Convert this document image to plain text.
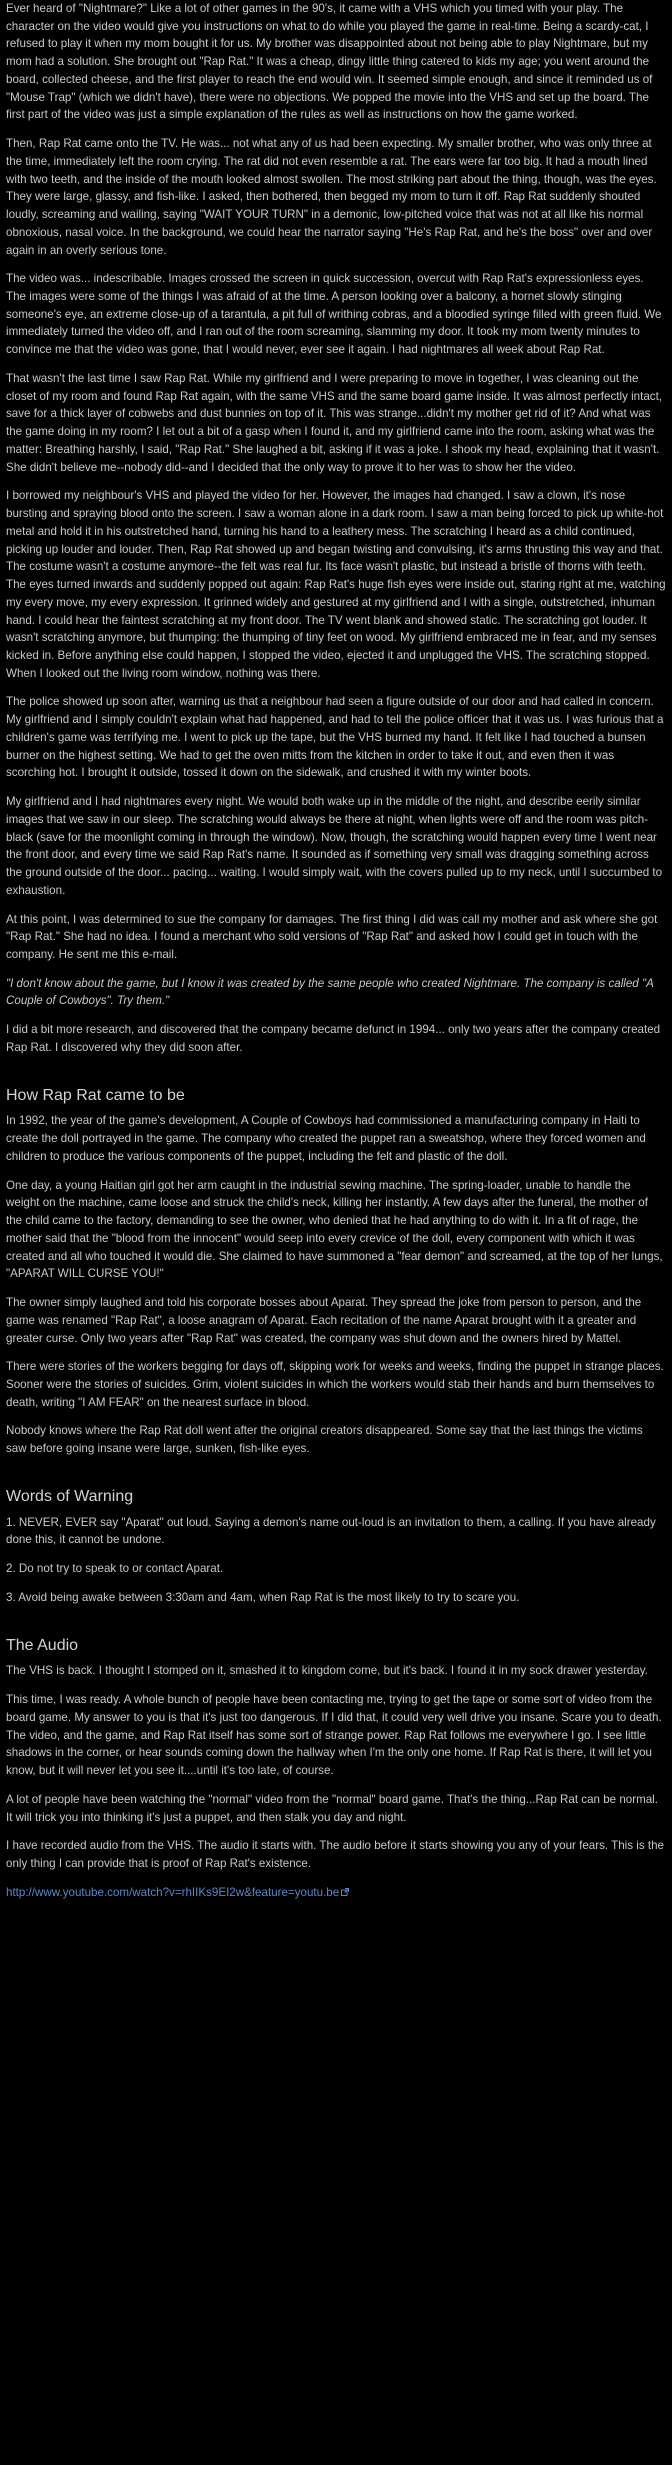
Ever heard of "Nightmare?" Like a lot of other games in the 90's, it came with a VHS which you timed with your play. The character on the video would give you instructions on what to do while you played the game in real-time. Being a scardy-cat, I refused to play it when my mom bought it for us. My brother was disappointed about not being able to play Nightmare, but my mom had a solution. She brought out "Rap Rat." It was a cheap, dingy little thing catered to kids my age; you went around the board, collected cheese, and the first player to reach the end would win. It seemed simple enough, and since it reminded us of "Mouse Trap" (which we didn't have), there were no objections. We popped the movie into the VHS and set up the board. The first part of the video was just a simple explanation of the rules as well as instructions on how the game worked.

Then, Rap Rat came onto the TV. He was... not what any of us had been expecting. My smaller brother, who was only three at the time, immediately left the room crying. The rat did not even resemble a rat. The ears were far too big. It had a mouth lined with two teeth, and the inside of the mouth looked almost swollen. The most striking part about the thing, though, was the eyes. They were large, glassy, and fish-like. I asked, then bothered, then begged my mom to turn it off. Rap Rat suddenly shouted loudly, screaming and wailing, saying "WAIT YOUR TURN" in a demonic, low-pitched voice that was not at all like his normal obnoxious, nasal voice. In the background, we could hear the narrator saying "He's Rap Rat, and he's the boss" over and over again in an overly serious tone.

The video was... indescribable. Images crossed the screen in quick succession, overcut with Rap Rat's expressionless eyes. The images were some of the things I was afraid of at the time. A person looking over a balcony, a hornet slowly stinging someone's eye, an extreme close-up of a tarantula, a pit full of writhing cobras, and a bloodied syringe filled with green fluid. We immediately turned the video off, and I ran out of the room screaming, slamming my door. It took my mom twenty minutes to convince me that the video was gone, that I would never, ever see it again. I had nightmares all week about Rap Rat.

That wasn't the last time I saw Rap Rat. While my girlfriend and I were preparing to move in together, I was cleaning out the closet of my room and found Rap Rat again, with the same VHS and the same board game inside. It was almost perfectly intact, save for a thick layer of cobwebs and dust bunnies on top of it. This was strange...didn't my mother get rid of it? And what was the game doing in my room? I let out a bit of a gasp when I found it, and my girlfriend came into the room, asking what was the matter: Breathing harshly, I said, "Rap Rat." She laughed a bit, asking if it was a joke. I shook my head, explaining that it wasn't. She didn't believe me--nobody did--and I decided that the only way to prove it to her was to show her the video.

I borrowed my neighbour's VHS and played the video for her. However, the images had changed. I saw a clown, it's nose bursting and spraying blood onto the screen. I saw a woman alone in a dark room. I saw a man being forced to pick up white-hot metal and hold it in his outstretched hand, turning his hand to a leathery mess. The scratching I heard as a child continued, picking up louder and louder. Then, Rap Rat showed up and began twisting and convulsing, it's arms thrusting this way and that. The costume wasn't a costume anymore--the felt was real fur. Its face wasn't plastic, but instead a bristle of thorns with teeth. The eyes turned inwards and suddenly popped out again: Rap Rat's huge fish eyes were inside out, staring right at me, watching my every move, my every expression. It grinned widely and gestured at my girlfriend and I with a single, outstretched, inhuman hand. I could hear the faintest scratching at my front door. The TV went blank and showed static. The scratching got louder. It wasn't scratching anymore, but thumping: the thumping of tiny feet on wood. My girlfriend embraced me in fear, and my senses kicked in. Before anything else could happen, I stopped the video, ejected it and unplugged the VHS. The scratching stopped. When I looked out the living room window, nothing was there.

The police showed up soon after, warning us that a neighbour had seen a figure outside of our door and had called in concern. My girlfriend and I simply couldn't explain what had happened, and had to tell the police officer that it was us. I was furious that a children's game was terrifying me. I went to pick up the tape, but the VHS burned my hand. It felt like I had touched a bunsen burner on the highest setting. We had to get the oven mitts from the kitchen in order to take it out, and even then it was scorching hot. I brought it outside, tossed it down on the sidewalk, and crushed it with my winter boots.

My girlfriend and I had nightmares every night. We would both wake up in the middle of the night, and describe eerily similar images that we saw in our sleep. The scratching would always be there at night, when lights were off and the room was pitch-black (save for the moonlight coming in through the window). Now, though, the scratching would happen every time I went near the front door, and every time we said Rap Rat's name. It sounded as if something very small was dragging something across the ground outside of the door... pacing... waiting. I would simply wait, with the covers pulled up to my neck, until I succumbed to exhaustion.

At this point, I was determined to sue the company for damages. The first thing I did was call my mother and ask where she got "Rap Rat." She had no idea. I found a merchant who sold versions of "Rap Rat" and asked how I could get in touch with the company. He sent me this e-mail.

"I don't know about the game, but I know it was created by the same people who created Nightmare. The company is called "A Couple of Cowboys". Try them."

I did a bit more research, and discovered that the company became defunct in 1994... only two years after the company created Rap Rat. I discovered why they did soon after.

How Rap Rat came to be

In 1992, the year of the game's development, A Couple of Cowboys had commissioned a manufacturing company in Haiti to create the doll portrayed in the game. The company who created the puppet ran a sweatshop, where they forced women and children to produce the various components of the puppet, including the felt and plastic of the doll.

One day, a young Haitian girl got her arm caught in the industrial sewing machine. The spring-loader, unable to handle the weight on the machine, came loose and struck the child's neck, killing her instantly. A few days after the funeral, the mother of the child came to the factory, demanding to see the owner, who denied that he had anything to do with it. In a fit of rage, the mother said that the "blood from the innocent" would seep into every crevice of the doll, every component with which it was created and all who touched it would die. She claimed to have summoned a "fear demon" and screamed, at the top of her lungs, "APARAT WILL CURSE YOU!"

The owner simply laughed and told his corporate bosses about Aparat. They spread the joke from person to person, and the game was renamed "Rap Rat", a loose anagram of Aparat. Each recitation of the name Aparat brought with it a greater and greater curse. Only two years after "Rap Rat" was created, the company was shut down and the owners hired by Mattel.

There were stories of the workers begging for days off, skipping work for weeks and weeks, finding the puppet in strange places. Sooner were the stories of suicides. Grim, violent suicides in which the workers would stab their hands and burn themselves to death, writing "I AM FEAR" on the nearest surface in blood.

Nobody knows where the Rap Rat doll went after the original creators disappeared. Some say that the last things the victims saw before going insane were large, sunken, fish-like eyes.

Words of Warning

1. NEVER, EVER say "Aparat" out loud. Saying a demon's name out-loud is an invitation to them, a calling. If you have already done this, it cannot be undone.

2. Do not try to speak to or contact Aparat.

3. Avoid being awake between 3:30am and 4am, when Rap Rat is the most likely to try to scare you.

The Audio

The VHS is back. I thought I stomped on it, smashed it to kingdom come, but it's back. I found it in my sock drawer yesterday.

This time, I was ready. A whole bunch of people have been contacting me, trying to get the tape or some sort of video from the board game. My answer to you is that it's just too dangerous. If I did that, it could very well drive you insane. Scare you to death. The video, and the game, and Rap Rat itself has some sort of strange power. Rap Rat follows me everywhere I go. I see little shadows in the corner, or hear sounds coming down the hallway when I'm the only one home. If Rap Rat is there, it will let you know, but it will never let you see it....until it's too late, of course.

A lot of people have been watching the "normal" video from the "normal" board game. That's the thing...Rap Rat can be normal. It will trick you into thinking it's just a puppet, and then stalk you day and night.

I have recorded audio from the VHS. The audio it starts with. The audio before it starts showing you any of your fears. This is the only thing I can provide that is proof of Rap Rat's existence.

http://www.youtube.com/watch?v=rhIIKs9EI2w&feature=youtu.be
